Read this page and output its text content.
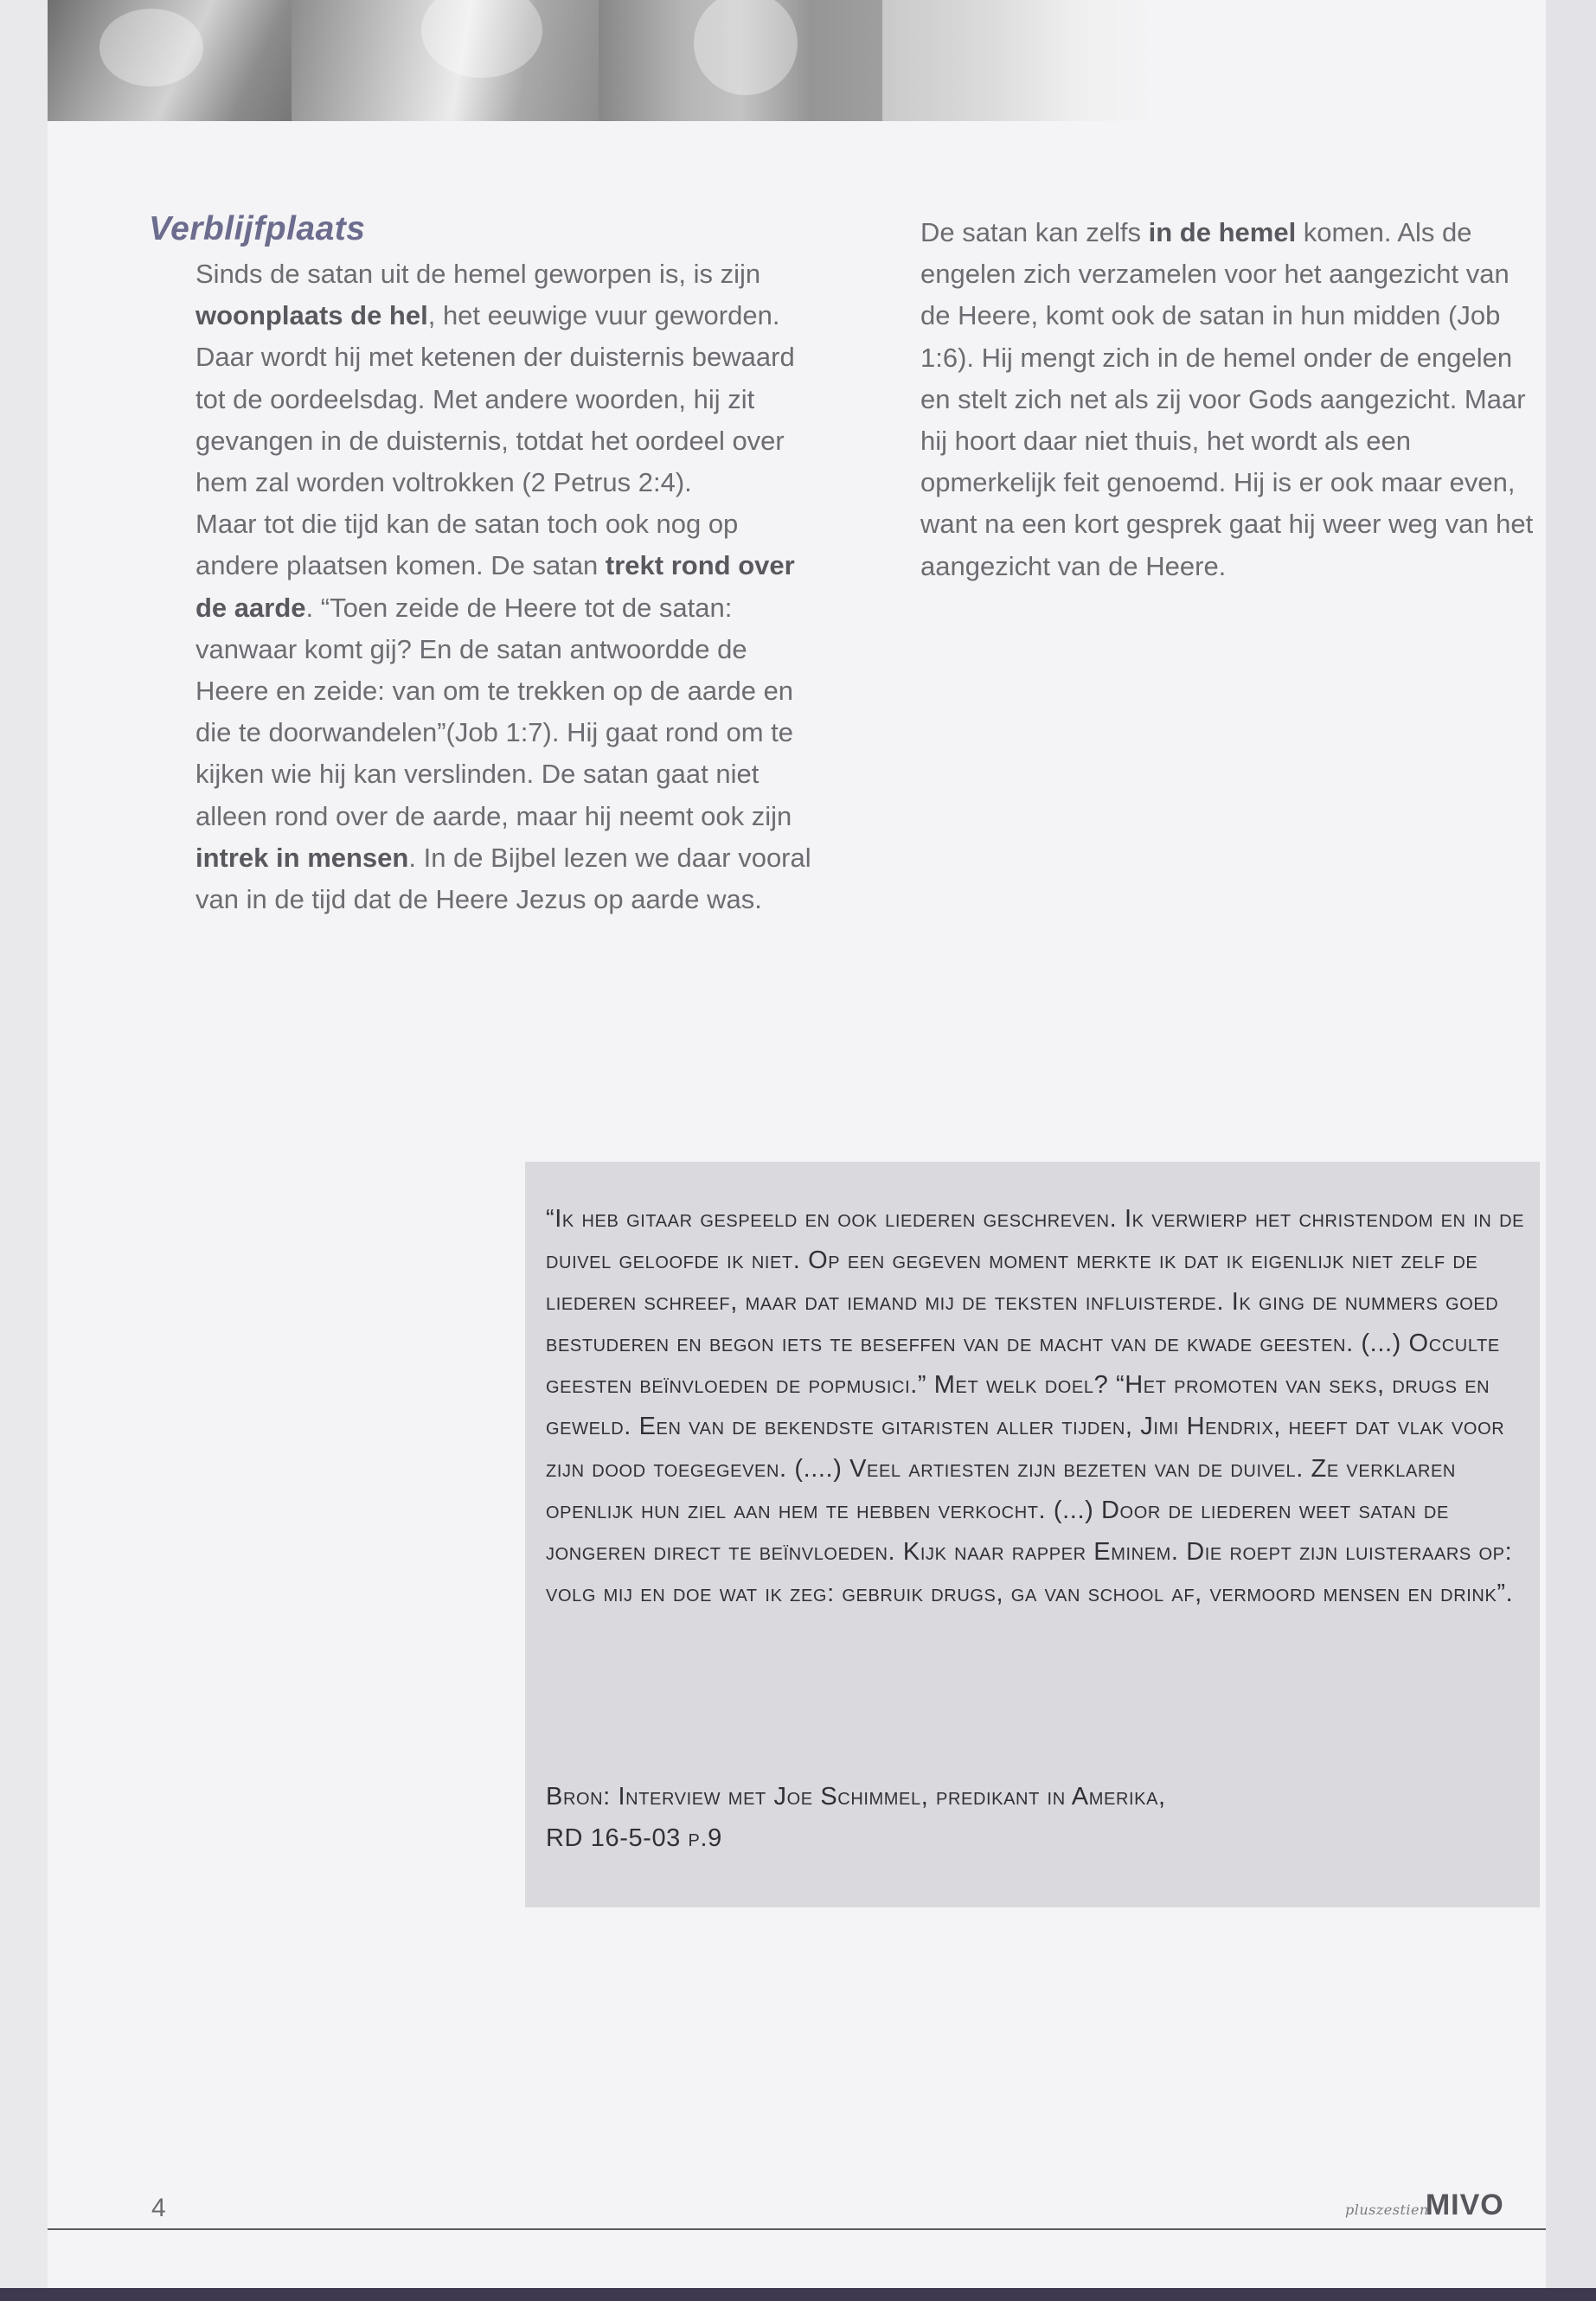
Verblijfplaats

Sinds de satan uit de hemel geworpen is, is zijn woonplaats de hel, het eeuwige vuur geworden. Daar wordt hij met ketenen der duisternis bewaard tot de oordeelsdag. Met andere woorden, hij zit gevangen in de duisternis, totdat het oordeel over hem zal worden voltrokken (2 Petrus 2:4).
Maar tot die tijd kan de satan toch ook nog op andere plaatsen komen. De satan trekt rond over de aarde. “Toen zeide de Heere tot de satan: vanwaar komt gij? En de satan antwoordde de Heere en zeide: van om te trekken op de aarde en die te doorwandelen”(Job 1:7). Hij gaat rond om te kijken wie hij kan verslinden. De satan gaat niet alleen rond over de aarde, maar hij neemt ook zijn intrek in mensen. In de Bijbel lezen we daar vooral van in de tijd dat de Heere Jezus op aarde was.

De satan kan zelfs in de hemel komen. Als de engelen zich verzamelen voor het aangezicht van de Heere, komt ook de satan in hun midden (Job 1:6). Hij mengt zich in de hemel onder de engelen en stelt zich net als zij voor Gods aangezicht. Maar hij hoort daar niet thuis, het wordt als een opmerkelijk feit genoemd. Hij is er ook maar even, want na een kort gesprek gaat hij weer weg van het aangezicht van de Heere.

“Ik heb gitaar gespeeld en ook liederen geschreven. Ik verwierp het christendom en in de duivel geloofde ik niet. Op een gegeven moment merkte ik dat ik eigenlijk niet zelf de liederen schreef, maar dat iemand mij de teksten influisterde. Ik ging de nummers goed bestuderen en begon iets te beseffen van de macht van de kwade geesten. (...) Occulte geesten beïnvloeden de popmusici.” Met welk doel? “Het promoten van seks, drugs en geweld. Een van de bekendste gitaristen aller tijden, Jimi Hendrix, heeft dat vlak voor zijn dood toegegeven. (....) Veel artiesten zijn bezeten van de duivel. Ze verklaren openlijk hun ziel aan hem te hebben verkocht. (...) Door de liederen weet satan de jongeren direct te beïnvloeden. Kijk naar rapper Eminem. Die roept zijn luisteraars op: volg mij en doe wat ik zeg: gebruik drugs, ga van school af, vermoord mensen en drink”.

Bron: Interview met Joe Schimmel, predikant in Amerika,
RD 16-5-03 p.9

4	pluszestienMIVO
